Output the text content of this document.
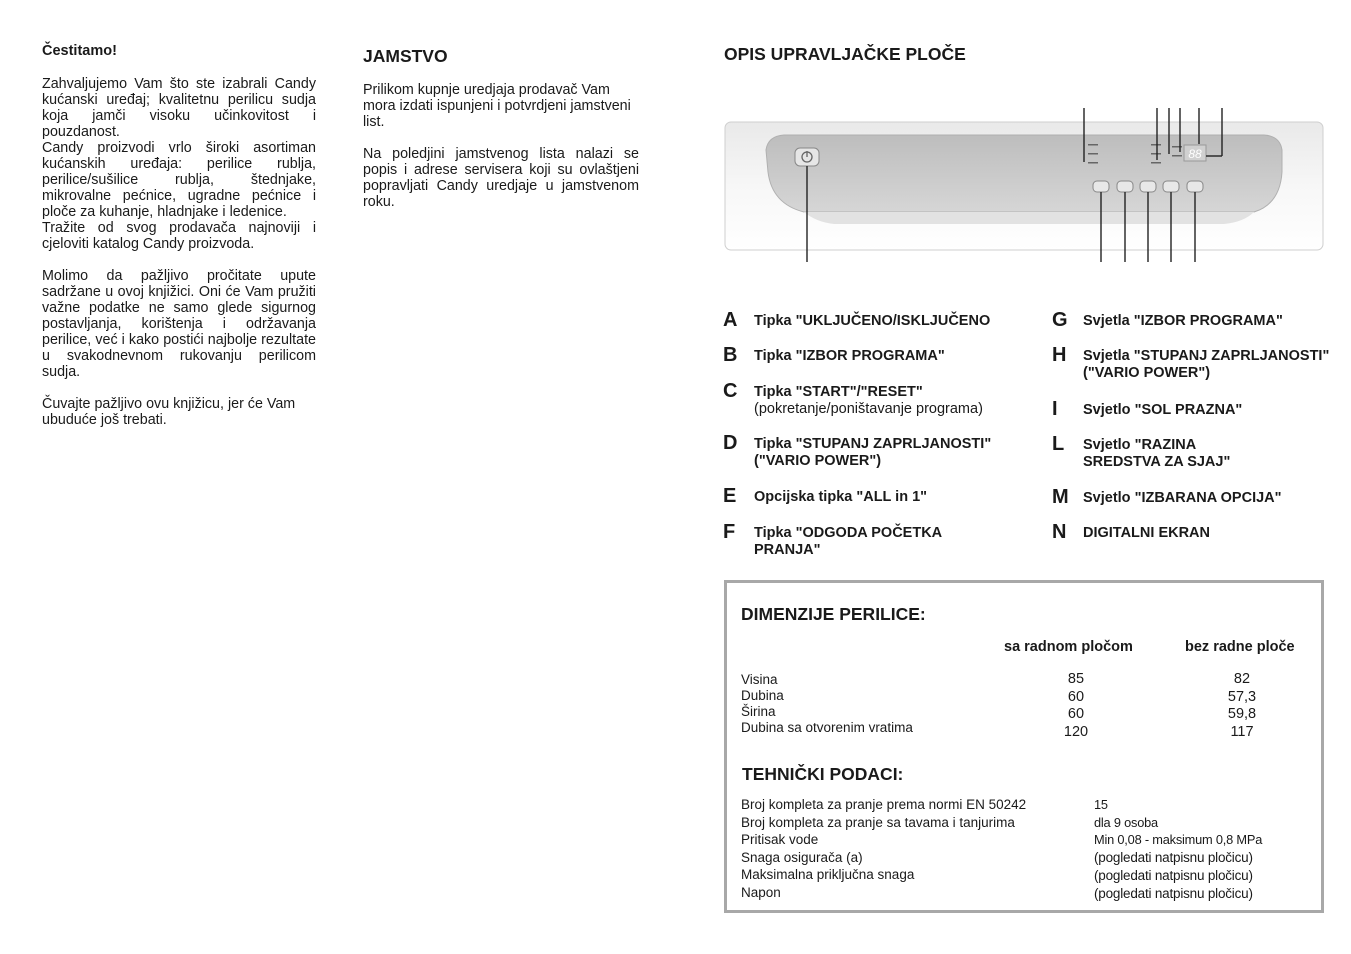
Čestitamo!

Zahvaljujemo Vam što ste izabrali Candy kućanski uređaj; kvalitetnu perilicu sudja koja jamči visoku učinkovitost i pouzdanost.

Candy proizvodi vrlo široki asortiman kućanskih uređaja: perilice rublja, perilice/sušilice rublja, štednjake, mikrovalne pećnice, ugradne pećnice i ploče za kuhanje, hladnjake i ledenice.

Tražite od svog prodavača najnoviji i cjeloviti katalog Candy proizvoda.

Molimo da pažljivo pročitate upute sadržane u ovoj knjižici. Oni će Vam pružiti važne podatke ne samo glede sigurnog postavljanja, korištenja i održavanja perilice, već i kako postići najbolje rezultate u svakodnevnom rukovanju perilicom sudja.

Čuvajte pažljivo ovu knjižicu, jer će Vam ubuduće još trebati.

JAMSTVO

Prilikom kupnje uredjaja prodavač Vam mora izdati ispunjeni i potvrdjeni jamstveni list.

Na poledjini jamstvenog lista nalazi se popis i adrese servisera koji su ovlaštjeni popravljati Candy uredjaje u jamstvenom roku.

OPIS UPRAVLJAČKE PLOČE
88
A Tipka "UKLJUČENO/ISKLJUČENO
B Tipka "IZBOR PROGRAMA"
C Tipka "START"/"RESET"
(pokretanje/poništavanje programa)
D Tipka "STUPANJ ZAPRLJANOSTI"
("VARIO POWER")
E Opcijska tipka "ALL in 1"
F Tipka "ODGODA POČETKA
PRANJA"
G Svjetla "IZBOR PROGRAMA"
H Svjetla "STUPANJ ZAPRLJANOSTI"
("VARIO POWER")
I Svjetlo "SOL PRAZNA"
L Svjetlo "RAZINA
SREDSTVA ZA SJAJ"
M Svjetlo "IZBARANA OPCIJA"
N DIGITALNI EKRAN
DIMENZIJE PERILICE:
sa radnom pločom	bez radne ploče
Visina
Dubina
Širina
Dubina sa otvorenim vratima
85
60
60
120
82
57,3
59,8
117
TEHNIČKI PODACI:
Broj kompleta za pranje prema normi EN 50242
Broj kompleta za pranje sa tavama i tanjurima
Pritisak vode
Snaga osigurača (a)
Maksimalna priključna snaga
Napon
15
dla 9 osoba
Min 0,08 - maksimum 0,8 MPa
(pogledati natpisnu pločicu)
(pogledati natpisnu pločicu)
(pogledati natpisnu pločicu)
